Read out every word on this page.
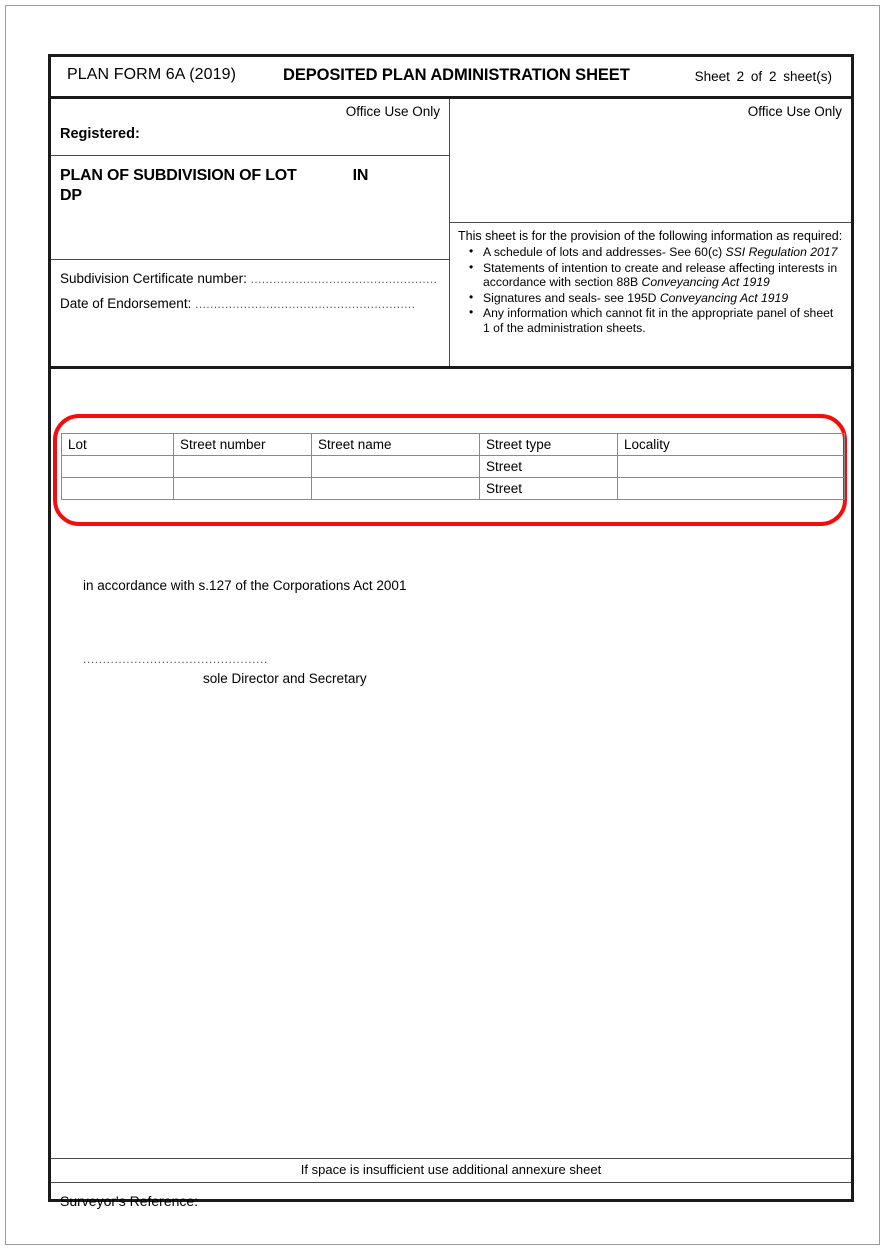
PLAN FORM 6A (2019)	DEPOSITED PLAN ADMINISTRATION SHEET	Sheet 2 of 2 sheet(s)
Office Use Only
Registered:
PLAN OF SUBDIVISION OF LOT	IN
DP
Subdivision Certificate number: ..................................................
Date of Endorsement: ...........................................................
Office Use Only
This sheet is for the provision of the following information as required:
• A schedule of lots and addresses- See 60(c) SSI Regulation 2017
• Statements of intention to create and release affecting interests in accordance with section 88B Conveyancing Act 1919
• Signatures and seals- see 195D Conveyancing Act 1919
• Any information which cannot fit in the appropriate panel of sheet 1 of the administration sheets.
Lot	Street number	Street name	Street type	Locality
			Street	
			Street	
in accordance with s.127 of the Corporations Act 2001
...............................................
sole Director and Secretary
If space is insufficient use additional annexure sheet
Surveyor's Reference:
